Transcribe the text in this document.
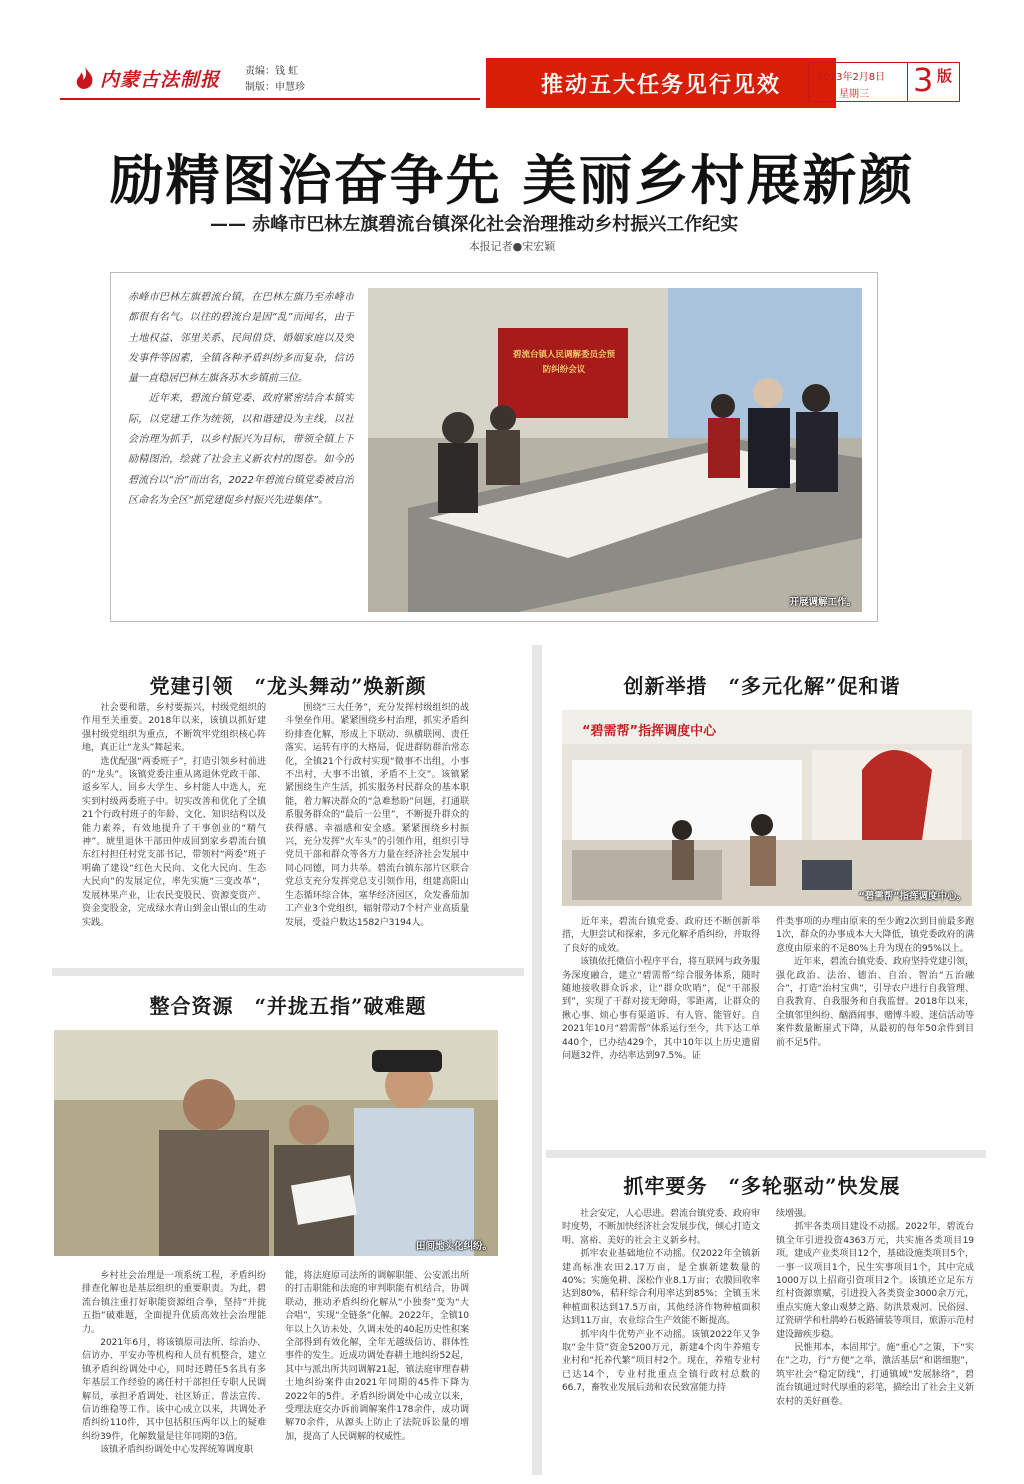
内蒙古法制报 责编：钱 虹
制版：申慧珍	推动五大任务见行见效	2023年2月8日
星期三 3 版
励精图治奋争先 美丽乡村展新颜
—— 赤峰市巴林左旗碧流台镇深化社会治理推动乡村振兴工作纪实
本报记者●宋宏颖
赤峰市巴林左旗碧流台镇，在巴林左旗乃至赤峰市都很有名气。以往的碧流台是因“乱”而闻名，由于土地权益、邻里关系、民间借贷、婚姻家庭以及突发事件等因素，全镇各种矛盾纠纷多而复杂，信访量一直稳居巴林左旗各苏木乡镇前三位。
　　近年来，碧流台镇党委、政府紧密结合本镇实际，以党建工作为统领，以和谐建设为主线，以社会治理为抓手，以乡村振兴为目标，带领全镇上下励精图治，绘就了社会主义新农村的图卷。如今的碧流台以“治”而出名，2022年碧流台镇党委被自治区命名为全区“抓党建促乡村振兴先进集体”。
碧流台镇人民调解委员会预防纠纷会议
开展调解工作。
党建引领　“龙头舞动”焕新颜
　　社会要和谐，乡村要振兴，村级党组织的作用至关重要。2018年以来，该镇以抓好建强村级党组织为重点，不断筑牢党组织核心阵地，真正让“龙头”舞起来。
　　选优配强“两委班子”，打造引领乡村前进的“龙头”。该镇党委注重从离退休党政干部、返乡军人、回乡大学生、乡村能人中选人，充实到村级两委班子中。切实改善和优化了全镇21个行政村班子的年龄、文化、知识结构以及能力素养，有效地提升了干事创业的“精气神”。琥里退休干部田仲成回到家乡碧流台镇东红村担任村党支部书记，带领村“两委”班子明确了建设“红色大民向、文化大民向、生态大民向”的发展定位，率先实施“三变改革”，发展林果产业，让农民变股民、资源变资产、资金变股金，完成绿水青山到金山银山的生动实践。
　　围绕“三大任务”，充分发挥村级组织的战斗堡垒作用。紧紧围绕乡村治理，抓实矛盾纠纷排查化解，形成上下联动、纵横联网、责任落实、运转有序的大格局，促进群防群治常态化，全镇21个行政村实现“微事不出组，小事不出村，大事不出镇，矛盾不上交”。该镇紧紧围绕生产生活，抓实服务村民群众的基本职能，着力解决群众的“急难愁盼”问题，打通联系服务群众的“最后一公里”，不断提升群众的获得感、幸福感和安全感。紧紧围绕乡村振兴，充分发挥“火车头”的引领作用，组织引导党员干部和群众等各方力量在经济社会发展中同心同德，同力共举。碧流台镇东部片区联合党总支充分发挥党总支引领作用，组建高阳山生态循环综合体，塞华经济园区，众发番茄加工产业3个党组织，辐射带动7个村产业高质量发展，受益户数达1582户3194人。
整合资源　“并拢五指”破难题
田间地头化纠纷。
　　乡村社会治理是一项系统工程，矛盾纠纷排查化解也是基层组织的重要职责。为此，碧流台镇注重打好职能资源组合拳，坚持“并拢五指”破难题，全面提升优质高效社会治理能力。
　　2021年6月，将该镇原司法所、综治办、信访办、平安办等机构和人员有机整合，建立镇矛盾纠纷调处中心，同时还聘任5名具有多年基层工作经验的离任村干部担任专职人民调解员，承担矛盾调处、社区矫正、普法宣传、信访维稳等工作。该中心成立以来，共调处矛盾纠纷110件，其中包括积压两年以上的疑难纠纷39件，化解数量是往年同期的3倍。
　　该镇矛盾纠纷调处中心发挥统筹调度职
能，将法庭原司法所的调解职能、公安派出所的打击职能和法庭的审判职能有机结合，协调联动，推动矛盾纠纷化解从“小独奏”变为“大合唱”，实现“全链条”化解。2022年，全镇10年以上久访未处、久调未处的40起历史性积案全部得到有效化解，全年无越级信访、群体性事件的发生。近成功调处春耕土地纠纷52起，其中与派出所共同调解21起，镇法庭审理春耕土地纠纷案件由2021年同期的45件下降为2022年的5件。矛盾纠纷调处中心成立以来，受理法庭交办诉前调解案件178余件，成功调解70余件，从源头上防止了法院诉讼量的增加，提高了人民调解的权威性。
创新举措　“多元化解”促和谐
“碧需帮”指挥调度中心
“碧需帮”指挥调度中心。
　　近年来，碧流台镇党委、政府还不断创新举措，大胆尝试和探索，多元化解矛盾纠纷，并取得了良好的成效。
　　该镇依托微信小程序平台，将互联网与政务服务深度融合，建立“碧需帮”综合服务体系，随时随地接收群众诉求，让“群众吹哨”，促“干部报到”，实现了干群对接无障碍，零距离，让群众的揪心事、烦心事有渠道诉、有人管、能管好。自2021年10月“碧需帮”体系运行至今，共下达工单440个，已办结429个，其中10年以上历史遗留问题32件，办结率达到97.5%。证
件类事项的办理由原来的至少跑2次到目前最多跑1次，群众的办事成本大大降低，镇党委政府的满意度由原来的不足80%上升为现在的95%以上。
　　近年来，碧流台镇党委、政府坚持党建引领，强化政治、法治、德治、自治、智治“五治融合”，打造“治村宝典”，引导农户进行自我管理、自我教育、自我服务和自我监督。2018年以来，全镇邻里纠纷、酗酒闹事、赌博斗殴、迷信活动等案件数量断崖式下降，从最初的每年50余件到目前不足5件。
抓牢要务　“多轮驱动”快发展
　　社会安定，人心思进。碧流台镇党委、政府审时度势，不断加快经济社会发展步伐，倾心打造文明、富裕、美好的社会主义新乡村。
　　抓牢农业基础地位不动摇。仅2022年全镇新建高标准农田2.17万亩，是全旗新建数量的40%；实施免耕、深松作业8.1万亩；农膜回收率达到80%，秸秆综合利用率达到85%；全镇玉米种植面积达到17.5万亩，其他经济作物种植面积达到11万亩，农业综合生产效能不断提高。
　　抓牢肉牛优势产业不动摇。该镇2022年又争取“金牛贷”资金5200万元，新建4个肉牛养殖专业村和“托养代繁”项目村2个。现在，养殖专业村已达14个，专业村批重点全镇行政村总数的66.7，畜牧业发展后劲和农民致富能力持
续增强。
　　抓牢各类项目建设不动摇。2022年，碧流台镇全年引进投资4363万元，共实施各类项目19项。建成产业类项目12个，基础设施类项目5个，一事一议项目1个，民生实事项目1个，其中完成1000万以上招商引资项目2个。该镇还立足东方红村资源禀赋，引进投入各类资金3000余万元，重点实施大象山观梦之路、防洪景观河、民俗园、辽瓷研学和杜鹃岭石板路铺装等项目，旅游示范村建设蹄疾步稳。
　　民惟邦本，本固邦宁。施“重心”之策，下“实在”之功，行“方便”之举，激活基层“和谐细胞”，筑牢社会“稳定防线”，打通镇域“发展脉络”，碧流台镇通过时代厚重的彩笔，描绘出了社会主义新农村的美好画卷。
